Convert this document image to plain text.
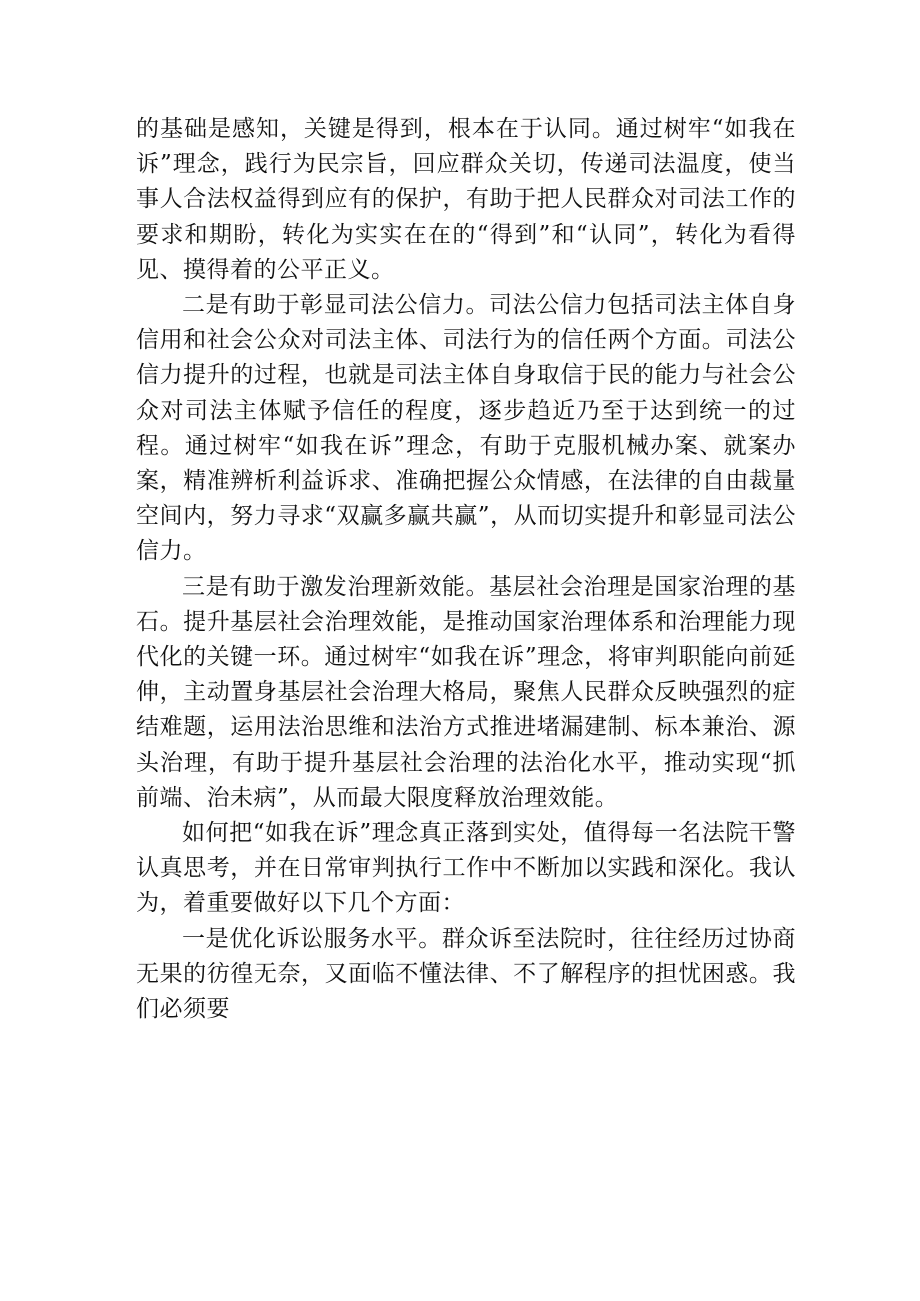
的基础是感知，关键是得到，根本在于认同。通过树牢“如我在诉”理念，践行为民宗旨，回应群众关切，传递司法温度，使当事人合法权益得到应有的保护，有助于把人民群众对司法工作的要求和期盼，转化为实实在在的“得到”和“认同”，转化为看得见、摸得着的公平正义。

二是有助于彰显司法公信力。司法公信力包括司法主体自身信用和社会公众对司法主体、司法行为的信任两个方面。司法公信力提升的过程，也就是司法主体自身取信于民的能力与社会公众对司法主体赋予信任的程度，逐步趋近乃至于达到统一的过程。通过树牢“如我在诉”理念，有助于克服机械办案、就案办案，精准辨析利益诉求、准确把握公众情感，在法律的自由裁量空间内，努力寻求“双赢多赢共赢”，从而切实提升和彰显司法公信力。

三是有助于激发治理新效能。基层社会治理是国家治理的基石。提升基层社会治理效能，是推动国家治理体系和治理能力现代化的关键一环。通过树牢“如我在诉”理念，将审判职能向前延伸，主动置身基层社会治理大格局，聚焦人民群众反映强烈的症结难题，运用法治思维和法治方式推进堵漏建制、标本兼治、源头治理，有助于提升基层社会治理的法治化水平，推动实现“抓前端、治未病”，从而最大限度释放治理效能。

如何把“如我在诉”理念真正落到实处，值得每一名法院干警认真思考，并在日常审判执行工作中不断加以实践和深化。我认为，着重要做好以下几个方面：

一是优化诉讼服务水平。群众诉至法院时，往往经历过协商无果的彷徨无奈，又面临不懂法律、不了解程序的担忧困惑。我们必须要
